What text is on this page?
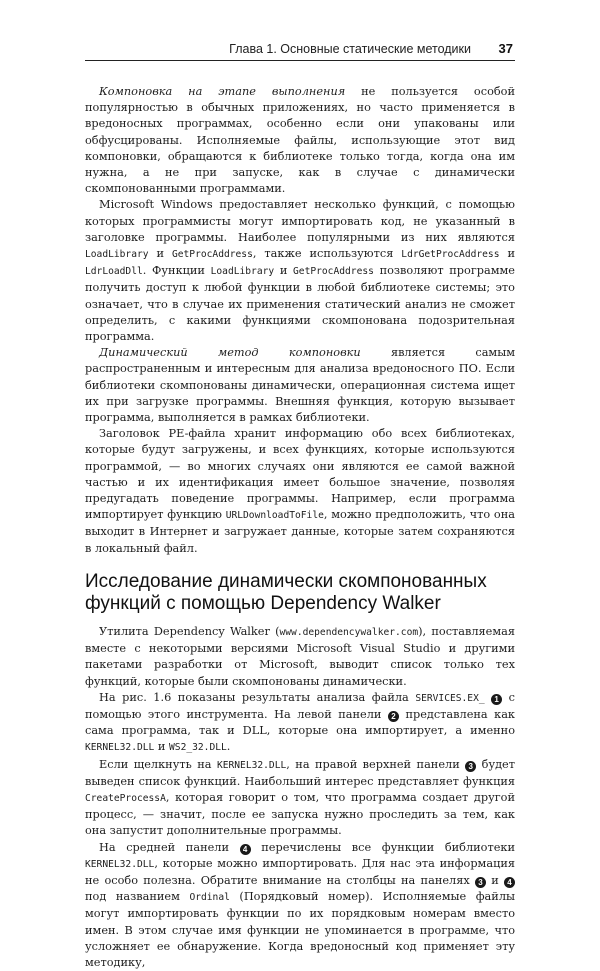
Глава 1. Основные статические методики 37

Компоновка на этапе выполнения не пользуется особой популярностью в обычных приложениях, но часто применяется в вредоносных программах, особенно если они упакованы или обфусцированы. Исполняемые файлы, использующие этот вид компоновки, обращаются к библиотеке только тогда, когда она им нужна, а не при запуске, как в случае с динамически скомпонованными программами.

Microsoft Windows предоставляет несколько функций, с помощью которых программисты могут импортировать код, не указанный в заголовке программы. Наиболее популярными из них являются LoadLibrary и GetProcAddress, также используются LdrGetProcAddress и LdrLoadDll. Функции LoadLibrary и GetProcAddress позволяют программе получить доступ к любой функции в любой библиотеке системы; это означает, что в случае их применения статический анализ не сможет определить, с какими функциями скомпонована подозрительная программа.

Динамический метод компоновки является самым распространенным и интересным для анализа вредоносного ПО. Если библиотеки скомпонованы динамически, операционная система ищет их при загрузке программы. Внешняя функция, которую вызывает программа, выполняется в рамках библиотеки.

Заголовок PE-файла хранит информацию обо всех библиотеках, которые будут загружены, и всех функциях, которые используются программой, — во многих случаях они являются ее самой важной частью и их идентификация имеет большое значение, позволяя предугадать поведение программы. Например, если программа импортирует функцию URLDownloadToFile, можно предположить, что она выходит в Интернет и загружает данные, которые затем сохраняются в локальный файл.

Исследование динамически скомпонованных функций с помощью Dependency Walker

Утилита Dependency Walker (www.dependencywalker.com), поставляемая вместе с некоторыми версиями Microsoft Visual Studio и другими пакетами разработки от Microsoft, выводит список только тех функций, которые были скомпонованы динамически.

На рис. 1.6 показаны результаты анализа файла SERVICES.EX_ 1 с помощью этого инструмента. На левой панели 2 представлена как сама программа, так и DLL, которые она импортирует, а именно KERNEL32.DLL и WS2_32.DLL.

Если щелкнуть на KERNEL32.DLL, на правой верхней панели 3 будет выведен список функций. Наибольший интерес представляет функция CreateProcessA, которая говорит о том, что программа создает другой процесс, — значит, после ее запуска нужно проследить за тем, как она запустит дополнительные программы.

На средней панели 4 перечислены все функции библиотеки KERNEL32.DLL, которые можно импортировать. Для нас эта информация не особо полезна. Обратите внимание на столбцы на панелях 3 и 4 под названием Ordinal (Порядковый номер). Исполняемые файлы могут импортировать функции по их порядковым номерам вместо имен. В этом случае имя функции не упоминается в программе, что усложняет ее обнаружение. Когда вредоносный код применяет эту методику,
